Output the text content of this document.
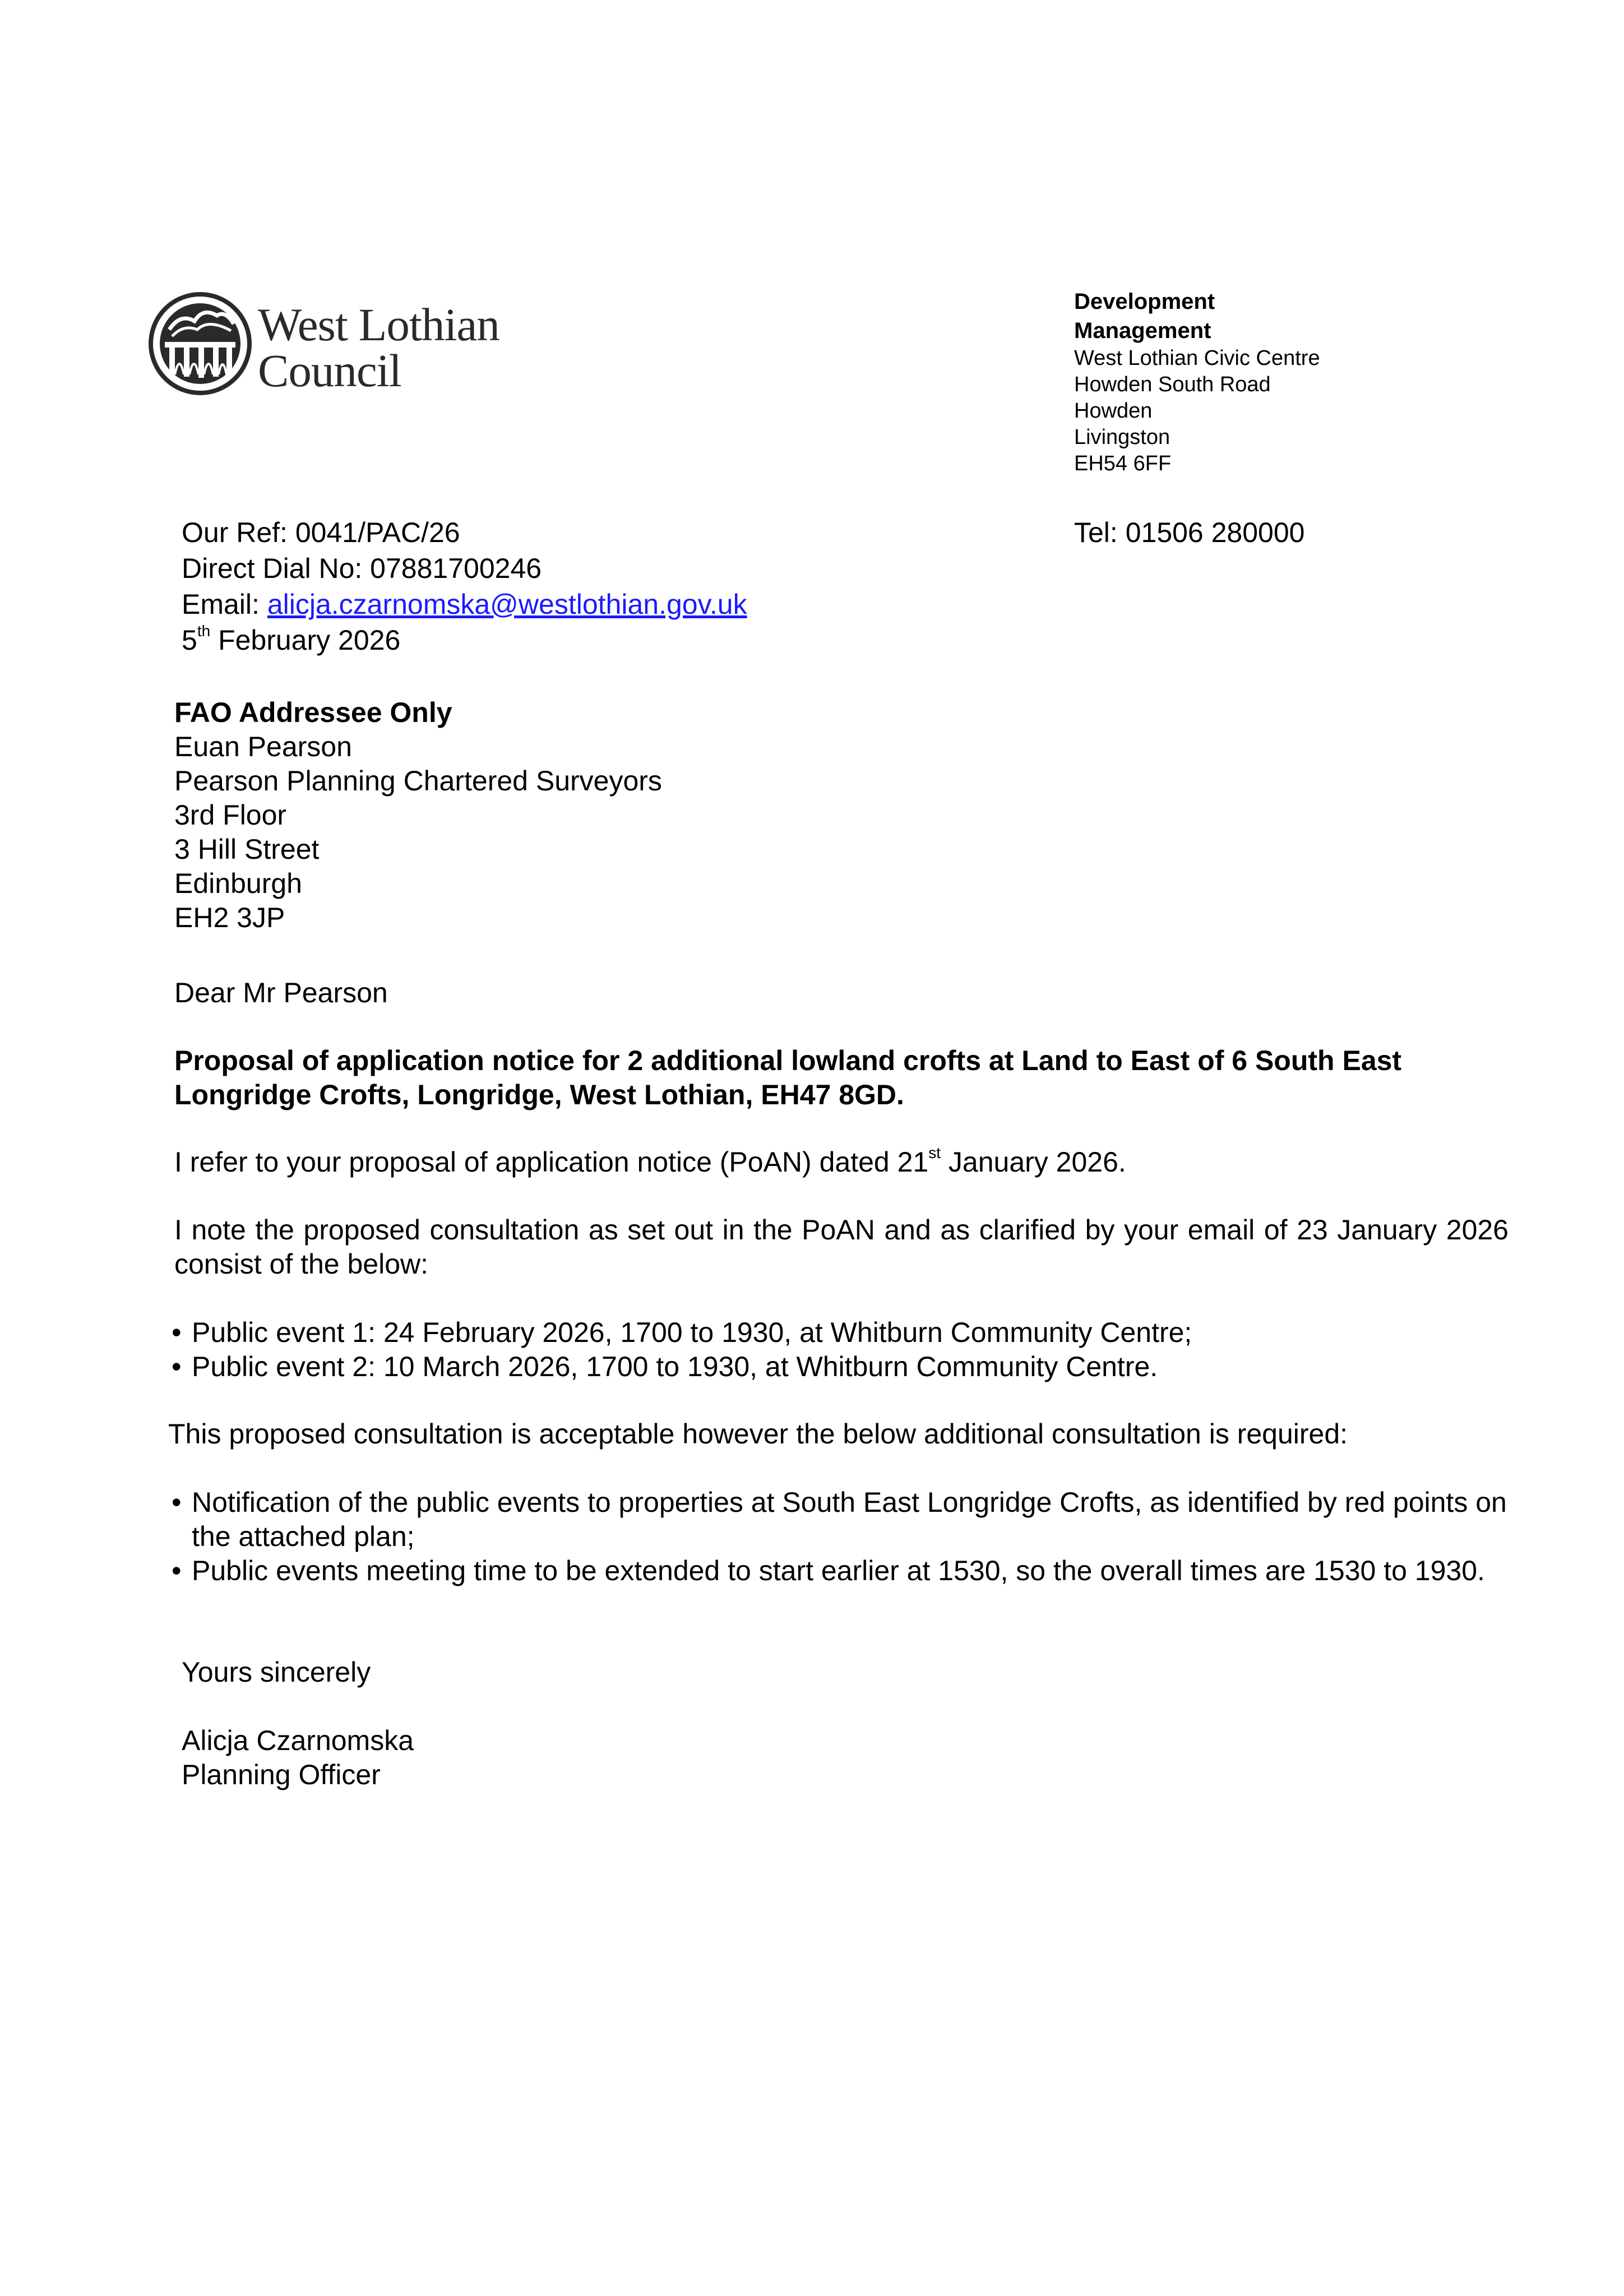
West Lothian
Council
Development
Management
West Lothian Civic Centre
Howden South Road
Howden
Livingston
EH54 6FF
Our Ref: 0041/PAC/26
Direct Dial No: 07881700246
Email: alicja.czarnomska@westlothian.gov.uk
5th February 2026
Tel: 01506 280000
FAO Addressee Only
Euan Pearson
Pearson Planning Chartered Surveyors
3rd Floor
3 Hill Street
Edinburgh
EH2 3JP
Dear Mr Pearson
Proposal of application notice for 2 additional lowland crofts at Land to East of 6 South East Longridge Crofts, Longridge, West Lothian, EH47 8GD.
I refer to your proposal of application notice (PoAN) dated 21st January 2026.
I note the proposed consultation as set out in the PoAN and as clarified by your email of 23 January 2026 consist of the below:
• Public event 1: 24 February 2026, 1700 to 1930, at Whitburn Community Centre;
• Public event 2: 10 March 2026, 1700 to 1930, at Whitburn Community Centre.
This proposed consultation is acceptable however the below additional consultation is required:
• Notification of the public events to properties at South East Longridge Crofts, as identified by red points on the attached plan;
• Public events meeting time to be extended to start earlier at 1530, so the overall times are 1530 to 1930.
Yours sincerely
Alicja Czarnomska
Planning Officer
